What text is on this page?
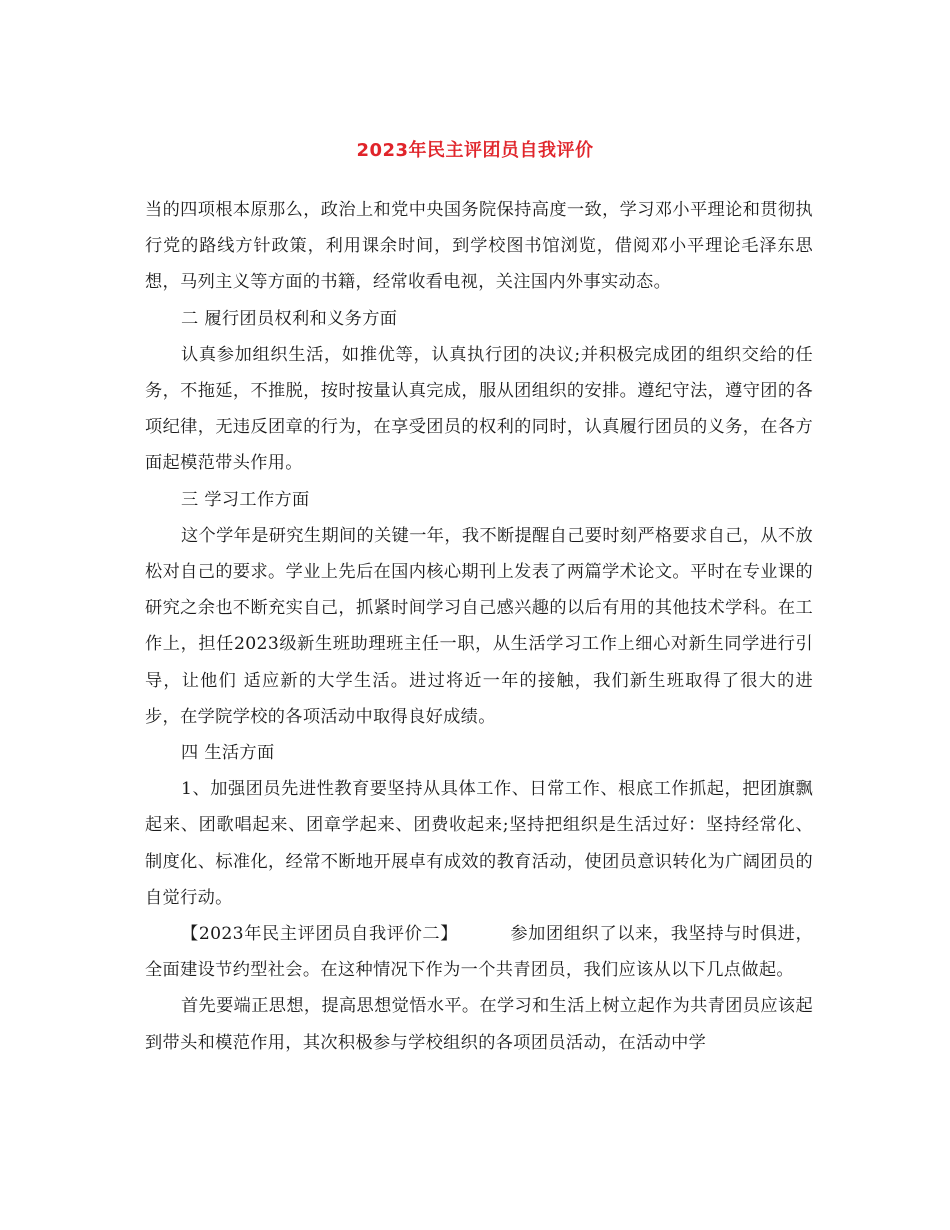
2023年民主评团员自我评价

当的四项根本原那么，政治上和党中央国务院保持高度一致，学习邓小平理论和贯彻执行党的路线方针政策，利用课余时间，到学校图书馆浏览，借阅邓小平理论毛泽东思想，马列主义等方面的书籍，经常收看电视，关注国内外事实动态。

二 履行团员权利和义务方面

认真参加组织生活，如推优等，认真执行团的决议;并积极完成团的组织交给的任务，不拖延，不推脱，按时按量认真完成，服从团组织的安排。遵纪守法，遵守团的各项纪律，无违反团章的行为，在享受团员的权利的同时，认真履行团员的义务，在各方面起模范带头作用。

三 学习工作方面

这个学年是研究生期间的关键一年，我不断提醒自己要时刻严格要求自己，从不放松对自己的要求。学业上先后在国内核心期刊上发表了两篇学术论文。平时在专业课的研究之余也不断充实自己，抓紧时间学习自己感兴趣的以后有用的其他技术学科。在工作上，担任2023级新生班助理班主任一职，从生活学习工作上细心对新生同学进行引导，让他们 适应新的大学生活。进过将近一年的接触，我们新生班取得了很大的进步，在学院学校的各项活动中取得良好成绩。

四 生活方面

1、加强团员先进性教育要坚持从具体工作、日常工作、根底工作抓起，把团旗飘起来、团歌唱起来、团章学起来、团费收起来;坚持把组织是生活过好：坚持经常化、制度化、标准化，经常不断地开展卓有成效的教育活动，使团员意识转化为广阔团员的自觉行动。

【2023年民主评团员自我评价二】	参加团组织了以来，我坚持与时俱进，全面建设节约型社会。在这种情况下作为一个共青团员，我们应该从以下几点做起。

首先要端正思想，提高思想觉悟水平。在学习和生活上树立起作为共青团员应该起到带头和模范作用，其次积极参与学校组织的各项团员活动，在活动中学
